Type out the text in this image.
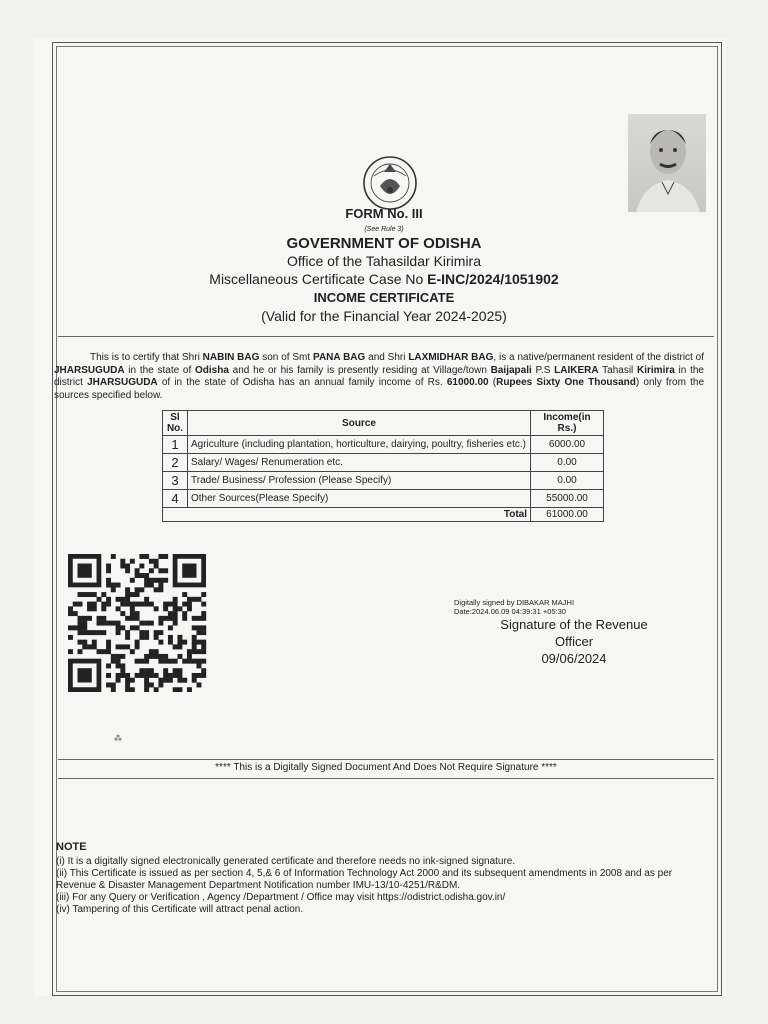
FORM No. III
(See Rule 3)
GOVERNMENT OF ODISHA
Office of the Tahasildar Kirimira
Miscellaneous Certificate Case No E-INC/2024/1051902
INCOME CERTIFICATE
(Valid for the Financial Year 2024-2025)
This is to certify that Shri NABIN BAG son of Smt PANA BAG and Shri LAXMIDHAR BAG, is a native/permanent resident of the district of JHARSUGUDA in the state of Odisha and he or his family is presently residing at Village/town Baijapali P.S LAIKERA Tahasil Kirimira in the district JHARSUGUDA of in the state of Odisha has an annual family income of Rs. 61000.00 (Rupees Sixty One Thousand) only from the sources specified below.
Sl No.	Source	Income(in Rs.)
1	Agriculture (including plantation, horticulture, dairying, poultry, fisheries etc.)	6000.00
2	Salary/ Wages/ Renumeration etc.	0.00
3	Trade/ Business/ Profession (Please Specify)	0.00
4	Other Sources(Please Specify)	55000.00
Total		61000.00
Digitally signed by DIBAKAR MAJHI
Date:2024.06.09 04:39:31 +05:30
Signature of the Revenue
Officer
09/06/2024
⁂
**** This is a Digitally Signed Document And Does Not Require Signature ****
NOTE
(i) It is a digitally signed electronically generated certificate and therefore needs no ink-signed signature.
(ii) This Certificate is issued as per section 4, 5,& 6 of Information Technology Act 2000 and its subsequent amendments in 2008 and as per Revenue & Disaster Management Department Notification number IMU-13/10-4251/R&DM.
(iii) For any Query or Verification , Agency /Department / Office may visit https://odistrict.odisha.gov.in/
(iv) Tampering of this Certificate will attract penal action.
